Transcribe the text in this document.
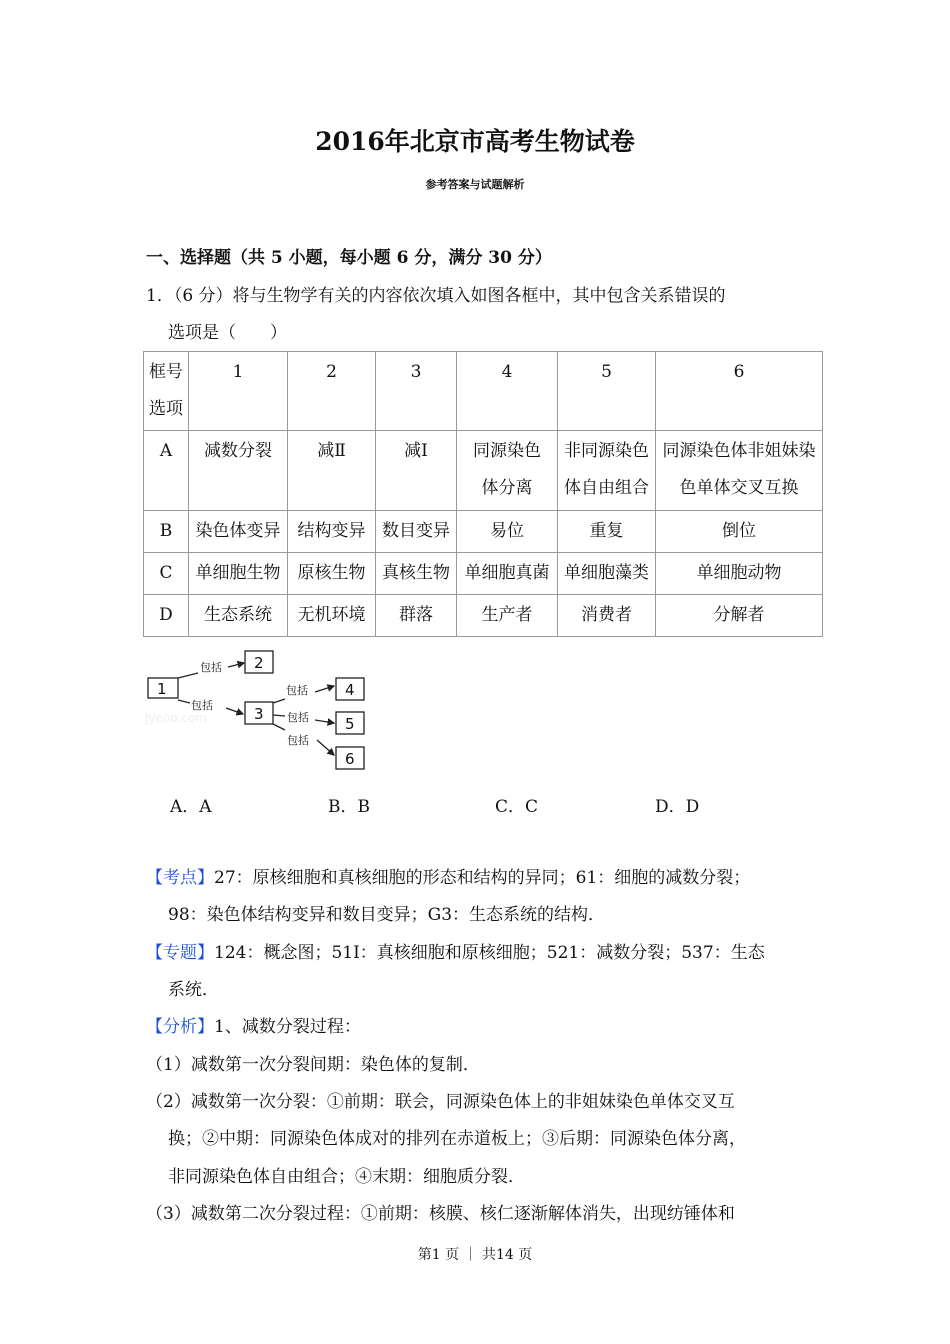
2016年北京市高考生物试卷
参考答案与试题解析
一、选择题（共 5 小题，每小题 6 分，满分 30 分）
1．（6 分）将与生物学有关的内容依次填入如图各框中，其中包含关系错误的
选项是（　　）
框号选项	1	2	3	4	5	6
A	减数分裂	减Ⅱ	减Ⅰ	同源染色体分离	非同源染色体自由组合	同源染色体非姐妹染色单体交叉互换

B	染色体变异	结构变异	数目变异	易位	重复	倒位
C	单细胞生物	原核生物	真核生物	单细胞真菌	单细胞藻类	单细胞动物
D	生态系统	无机环境	群落	生产者	消费者	分解者
1
2
3
4
5
6
包括
包括
包括
包括
包括
Jyeoo.com
A．A	B．B	C．C	D．D
【考点】27：原核细胞和真核细胞的形态和结构的异同；61：细胞的减数分裂；
98：染色体结构变异和数目变异；G3：生态系统的结构．
【专题】124：概念图；51I：真核细胞和原核细胞；521：减数分裂；537：生态
系统．
【分析】1、减数分裂过程：
（1）减数第一次分裂间期：染色体的复制．
（2）减数第一次分裂：①前期：联会，同源染色体上的非姐妹染色单体交叉互
换；②中期：同源染色体成对的排列在赤道板上；③后期：同源染色体分离，
非同源染色体自由组合；④末期：细胞质分裂．
（3）减数第二次分裂过程：①前期：核膜、核仁逐渐解体消失，出现纺锤体和
第1 页 ｜ 共14 页
